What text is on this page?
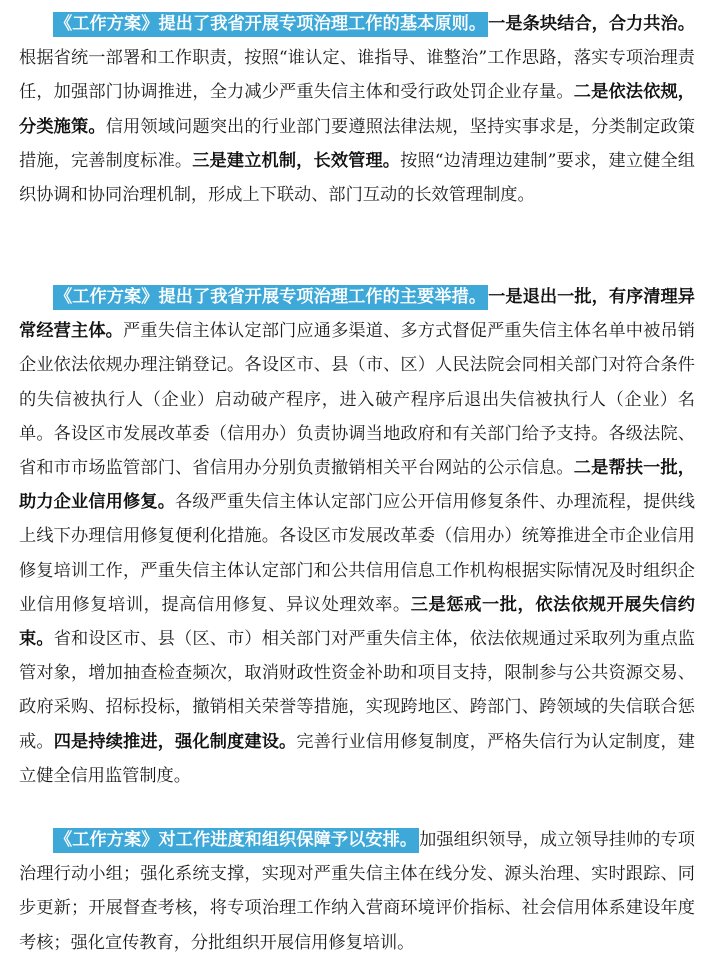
《工作方案》提出了我省开展专项治理工作的基本原则。 一是条块结合，合力共治。根据省统一部署和工作职责，按照“谁认定、谁指导、谁整治”工作思路，落实专项治理责任，加强部门协调推进，全力减少严重失信主体和受行政处罚企业存量。二是依法依规，分类施策。信用领域问题突出的行业部门要遵照法律法规，坚持实事求是，分类制定政策措施，完善制度标准。三是建立机制，长效管理。按照“边清理边建制”要求，建立健全组织协调和协同治理机制，形成上下联动、部门互动的长效管理制度。

《工作方案》提出了我省开展专项治理工作的主要举措。 一是退出一批，有序清理异常经营主体。严重失信主体认定部门应通多渠道、多方式督促严重失信主体名单中被吊销企业依法依规办理注销登记。各设区市、县（市、区）人民法院会同相关部门对符合条件的失信被执行人（企业）启动破产程序，进入破产程序后退出失信被执行人（企业）名单。各设区市发展改革委（信用办）负责协调当地政府和有关部门给予支持。各级法院、省和市市场监管部门、省信用办分别负责撤销相关平台网站的公示信息。二是帮扶一批，助力企业信用修复。各级严重失信主体认定部门应公开信用修复条件、办理流程，提供线上线下办理信用修复便利化措施。各设区市发展改革委（信用办）统筹推进全市企业信用修复培训工作，严重失信主体认定部门和公共信用信息工作机构根据实际情况及时组织企业信用修复培训，提高信用修复、异议处理效率。三是惩戒一批，依法依规开展失信约束。省和设区市、县（区、市）相关部门对严重失信主体，依法依规通过采取列为重点监管对象，增加抽查检查频次，取消财政性资金补助和项目支持，限制参与公共资源交易、政府采购、招标投标，撤销相关荣誉等措施，实现跨地区、跨部门、跨领域的失信联合惩戒。四是持续推进，强化制度建设。完善行业信用修复制度，严格失信行为认定制度，建立健全信用监管制度。

《工作方案》对工作进度和组织保障予以安排。 加强组织领导，成立领导挂帅的专项治理行动小组；强化系统支撑，实现对严重失信主体在线分发、源头治理、实时跟踪、同步更新；开展督查考核，将专项治理工作纳入营商环境评价指标、社会信用体系建设年度考核；强化宣传教育，分批组织开展信用修复培训。
